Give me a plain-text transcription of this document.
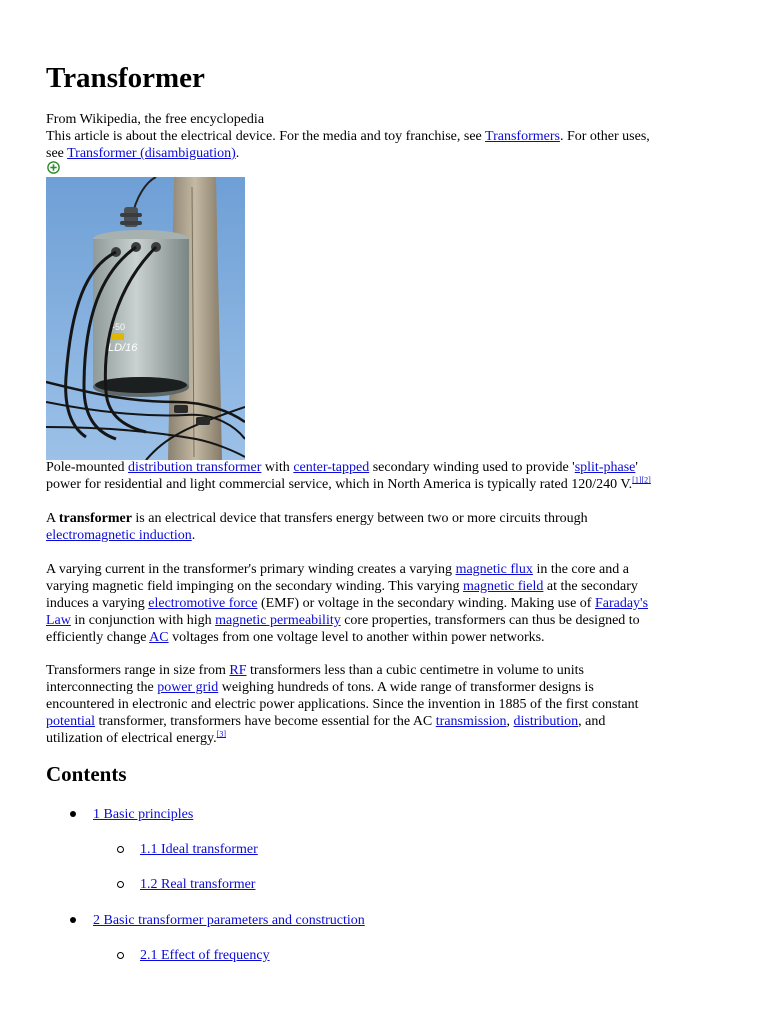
Transformer
From Wikipedia, the free encyclopedia
This article is about the electrical device. For the media and toy franchise, see Transformers. For other uses,
see Transformer (disambiguation).
-50
LD/16
Pole-mounted distribution transformer with center-tapped secondary winding used to provide 'split-phase'
power for residential and light commercial service, which in North America is typically rated 120/240 V.[1][2]
A transformer is an electrical device that transfers energy between two or more circuits through
electromagnetic induction.
A varying current in the transformer's primary winding creates a varying magnetic flux in the core and a
varying magnetic field impinging on the secondary winding. This varying magnetic field at the secondary
induces a varying electromotive force (EMF) or voltage in the secondary winding. Making use of Faraday's
Law in conjunction with high magnetic permeability core properties, transformers can thus be designed to
efficiently change AC voltages from one voltage level to another within power networks.
Transformers range in size from RF transformers less than a cubic centimetre in volume to units
interconnecting the power grid weighing hundreds of tons. A wide range of transformer designs is
encountered in electronic and electric power applications. Since the invention in 1885 of the first constant
potential transformer, transformers have become essential for the AC transmission, distribution, and
utilization of electrical energy.[3]
Contents
1 Basic principles
1.1 Ideal transformer
1.2 Real transformer
2 Basic transformer parameters and construction
2.1 Effect of frequency
